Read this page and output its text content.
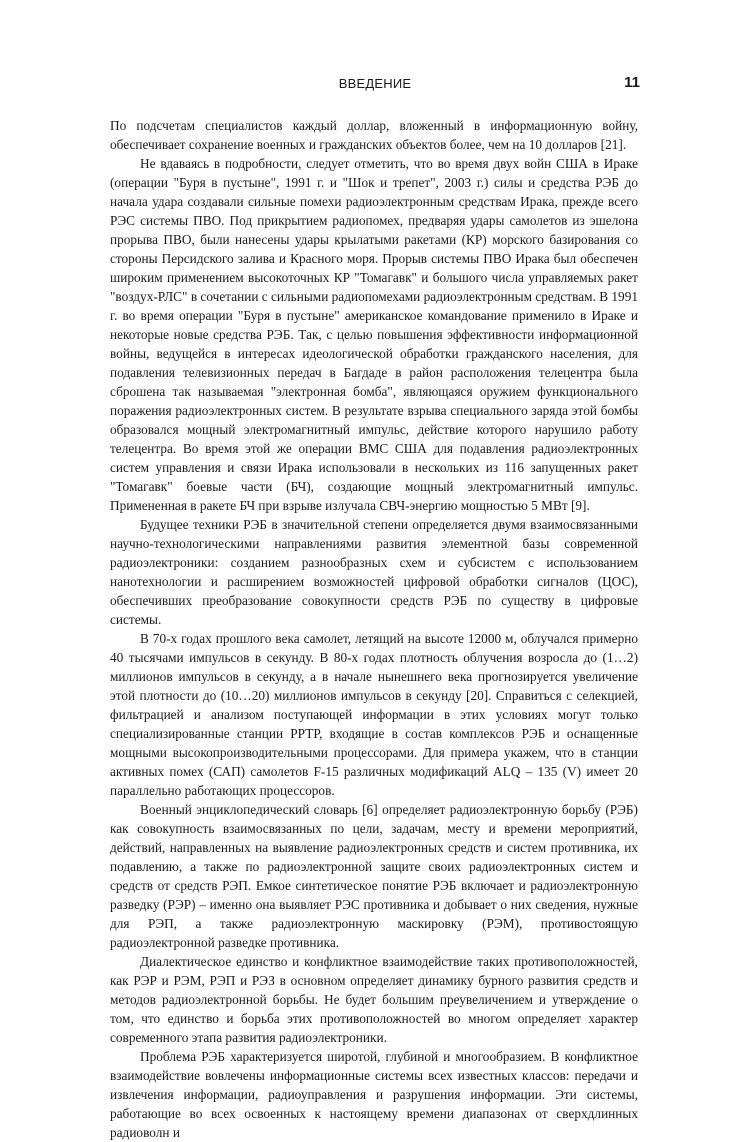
ВВЕДЕНИЕ	11

По подсчетам специалистов каждый доллар, вложенный в информационную войну, обеспечивает сохранение военных и гражданских объектов более, чем на 10 долларов [21].

Не вдаваясь в подробности, следует отметить, что во время двух войн США в Ираке (операции "Буря в пустыне", 1991 г. и "Шок и трепет", 2003 г.) силы и средства РЭБ до начала удара создавали сильные помехи радиоэлектронным средствам Ирака, прежде всего РЭС системы ПВО. Под прикрытием радиопомех, предваряя удары самолетов из эшелона прорыва ПВО, были нанесены удары крылатыми ракетами (КР) морского базирования со стороны Персидского залива и Красного моря. Прорыв системы ПВО Ирака был обеспечен широким применением высокоточных КР "Томагавк" и большого числа управляемых ракет "воздух-РЛС" в сочетании с сильными радиопомехами радиоэлектронным средствам. В 1991 г. во время операции "Буря в пустыне" американское командование применило в Ираке и некоторые новые средства РЭБ. Так, с целью повышения эффективности информационной войны, ведущейся в интересах идеологической обработки гражданского населения, для подавления телевизионных передач в Багдаде в район расположения телецентра была сброшена так называемая "электронная бомба", являющаяся оружием функционального поражения радиоэлектронных систем. В результате взрыва специального заряда этой бомбы образовался мощный электромагнитный импульс, действие которого нарушило работу телецентра. Во время этой же операции ВМС США для подавления радиоэлектронных систем управления и связи Ирака использовали в нескольких из 116 запущенных ракет "Томагавк" боевые части (БЧ), создающие мощный электромагнитный импульс. Примененная в ракете БЧ при взрыве излучала СВЧ-энергию мощностью 5 МВт [9].

Будущее техники РЭБ в значительной степени определяется двумя взаимосвязанными научно-технологическими направлениями развития элементной базы современной радиоэлектроники: созданием разнообразных схем и субсистем с использованием нанотехнологии и расширением возможностей цифровой обработки сигналов (ЦОС), обеспечивших преобразование совокупности средств РЭБ по существу в цифровые системы.

В 70-х годах прошлого века самолет, летящий на высоте 12000 м, облучался примерно 40 тысячами импульсов в секунду. В 80-х годах плотность облучения возросла до (1…2) миллионов импульсов в секунду, а в начале нынешнего века прогнозируется увеличение этой плотности до (10…20) миллионов импульсов в секунду [20]. Справиться с селекцией, фильтрацией и анализом поступающей информации в этих условиях могут только специализированные станции РРТР, входящие в состав комплексов РЭБ и оснащенные мощными высокопроизводительными процессорами. Для примера укажем, что в станции активных помех (САП) самолетов F-15 различных модификаций ALQ – 135 (V) имеет 20 параллельно работающих процессоров.

Военный энциклопедический словарь [6] определяет радиоэлектронную борьбу (РЭБ) как совокупность взаимосвязанных по цели, задачам, месту и времени мероприятий, действий, направленных на выявление радиоэлектронных средств и систем противника, их подавлению, а также по радиоэлектронной защите своих радиоэлектронных систем и средств от средств РЭП. Емкое синтетическое понятие РЭБ включает и радиоэлектронную разведку (РЭР) – именно она выявляет РЭС противника и добывает о них сведения, нужные для РЭП, а также радиоэлектронную маскировку (РЭМ), противостоящую радиоэлектронной разведке противника.

Диалектическое единство и конфликтное взаимодействие таких противоположностей, как РЭР и РЭМ, РЭП и РЭЗ в основном определяет динамику бурного развития средств и методов радиоэлектронной борьбы. Не будет большим преувеличением и утверждение о том, что единство и борьба этих противоположностей во многом определяет характер современного этапа развития радиоэлектроники.

Проблема РЭБ характеризуется широтой, глубиной и многообразием. В конфликтное взаимодействие вовлечены информационные системы всех известных классов: передачи и извлечения информации, радиоуправления и разрушения информации. Эти системы, работающие во всех освоенных к настоящему времени диапазонах от сверхдлинных радиоволн и
